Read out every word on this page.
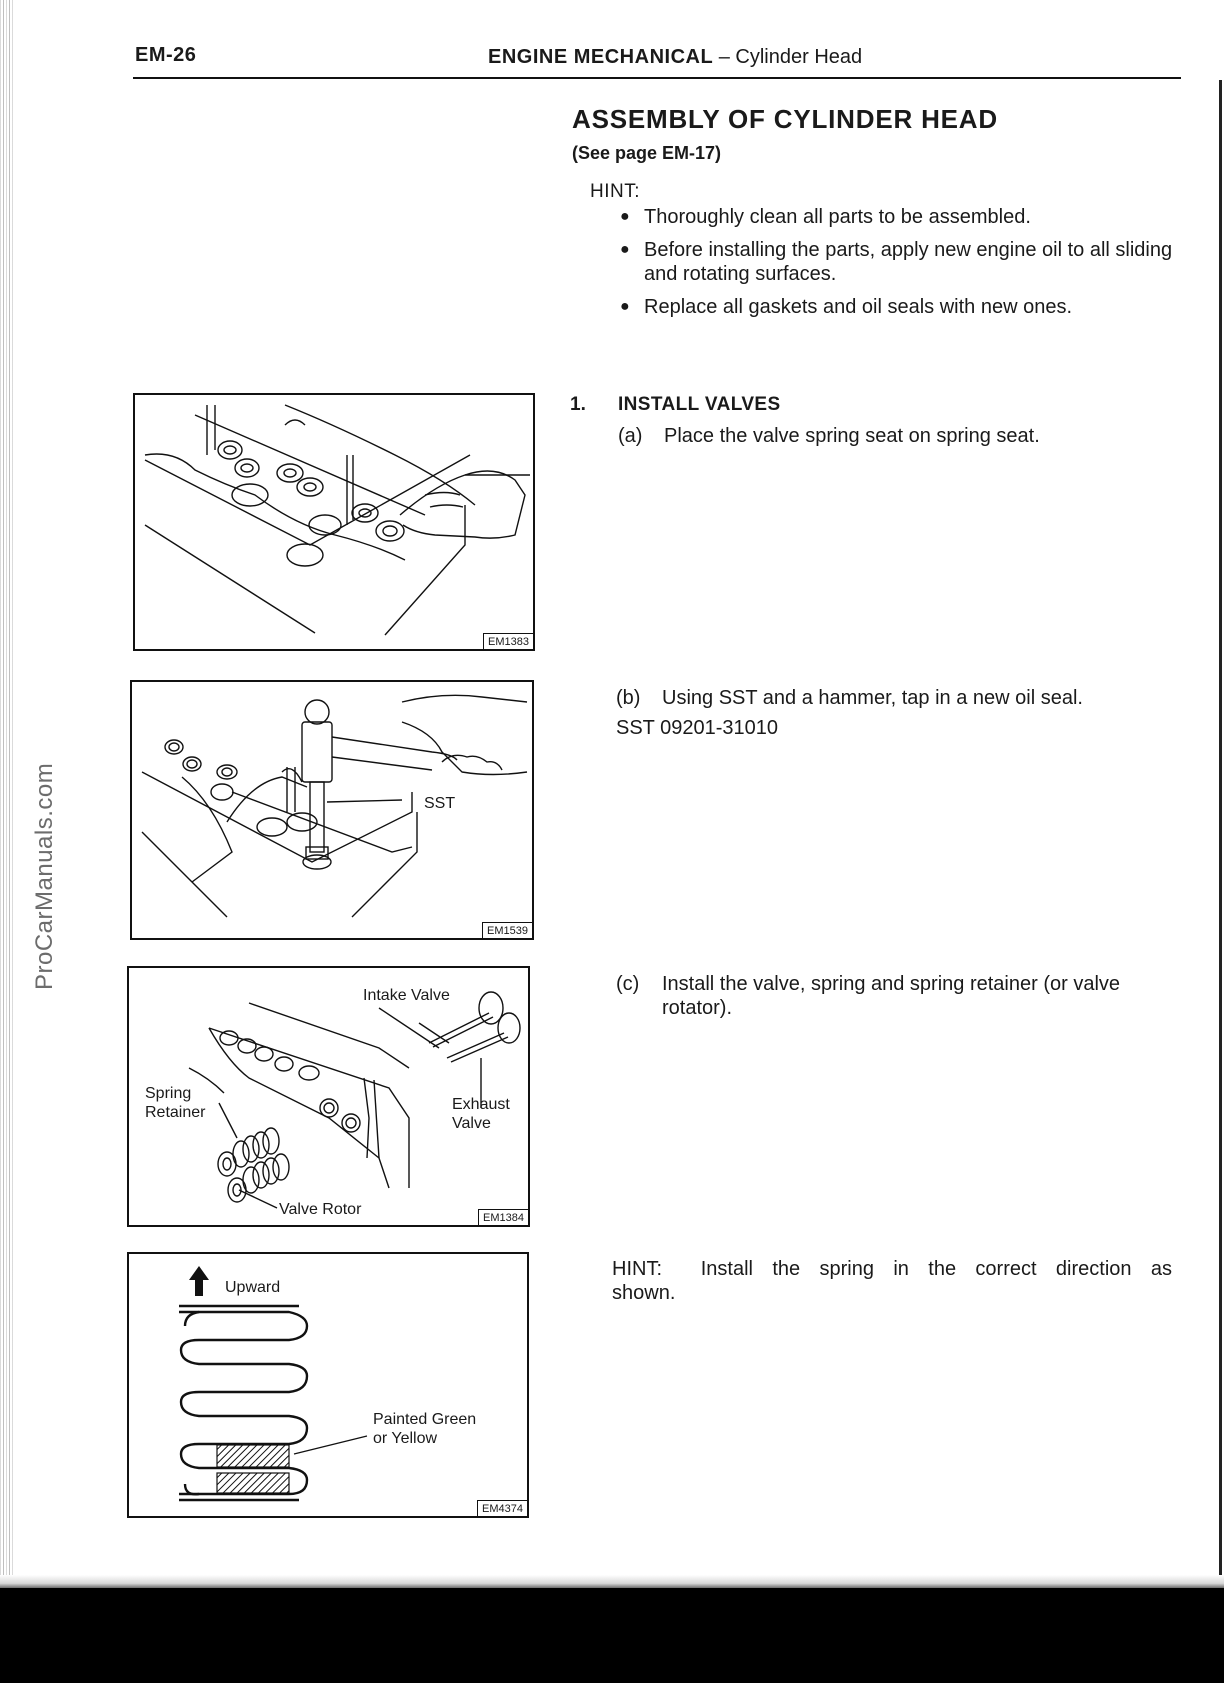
ProCarManuals.com
EM-26	ENGINE MECHANICAL – Cylinder Head
ASSEMBLY OF CYLINDER HEAD
(See page EM-17)
HINT:
● Thoroughly clean all parts to be assembled.
● Before installing the parts, apply new engine oil to all sliding and rotating surfaces.
● Replace all gaskets and oil seals with new ones.
1. INSTALL VALVES
(a) Place the valve spring seat on spring seat.
(b) Using SST and a hammer, tap in a new oil seal.
SST 09201-31010
(c) Install the valve, spring and spring retainer (or valve rotator).
HINT: Install the spring in the correct direction as shown.
EM1383
SST
EM1539
Intake Valve
Spring
Retainer	Exhaust
Valve
Valve Rotor	EM1384
Upward
Painted Green
or Yellow
EM4374
